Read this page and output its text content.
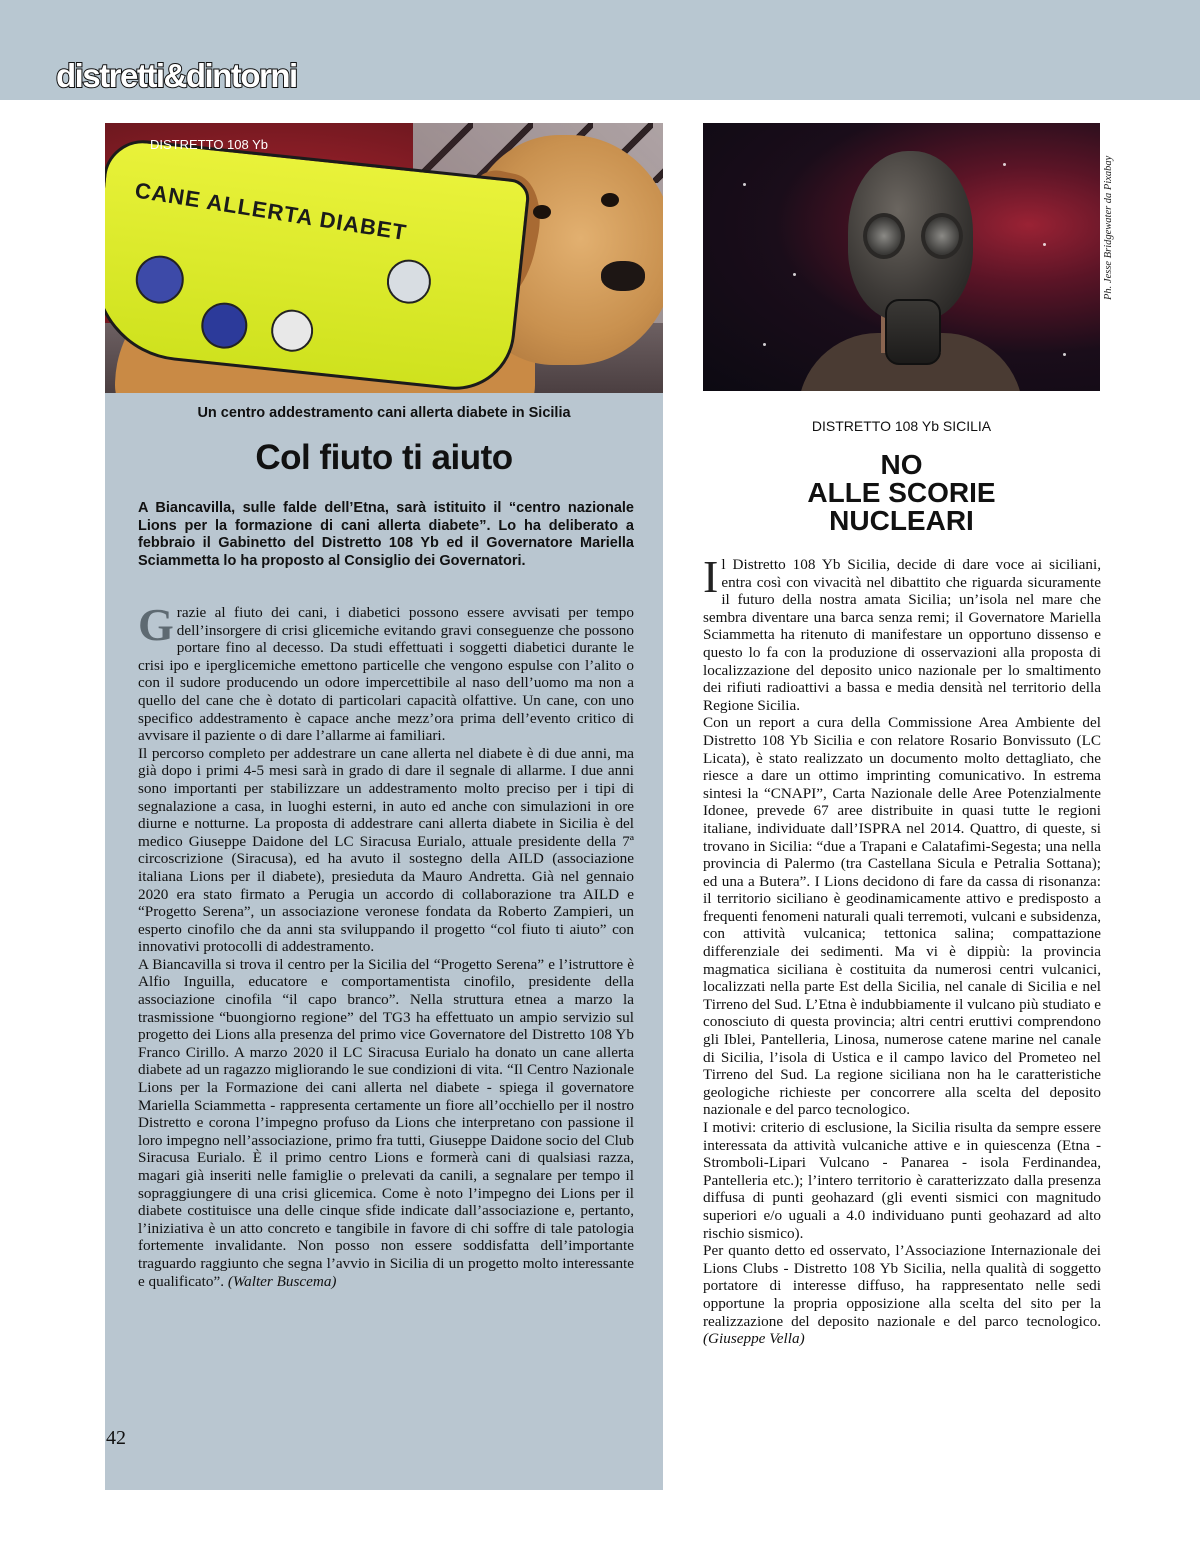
distretti&dintorni
CANE ALLERTA DIABET
DISTRETTO 108 Yb
Un centro addestramento cani allerta diabete in Sicilia
Col fiuto ti aiuto
A Biancavilla, sulle falde dell’Etna, sarà istituito il “centro nazionale Lions per la formazione di cani allerta diabete”. Lo ha deliberato a febbraio il Gabinetto del Distretto 108 Yb ed il Governatore Mariella Sciammetta lo ha proposto al Consiglio dei Governatori.

Grazie al fiuto dei cani, i diabetici possono essere avvisati per tempo dell’insorgere di crisi glicemiche evitando gravi conseguenze che possono portare fino al decesso. Da studi effettuati i soggetti diabetici durante le crisi ipo e iperglicemiche emettono particelle che vengono espulse con l’alito o con il sudore producendo un odore impercettibile al naso dell’uomo ma non a quello del cane che è dotato di particolari capacità olfattive. Un cane, con uno specifico addestramento è capace anche mezz’ora prima dell’evento critico di avvisare il paziente o di dare l’allarme ai familiari.

Il percorso completo per addestrare un cane allerta nel diabete è di due anni, ma già dopo i primi 4-5 mesi sarà in grado di dare il segnale di allarme. I due anni sono importanti per stabilizzare un addestramento molto preciso per i tipi di segnalazione a casa, in luoghi esterni, in auto ed anche con simulazioni in ore diurne e notturne. La proposta di addestrare cani allerta diabete in Sicilia è del medico Giuseppe Daidone del LC Siracusa Eurialo, attuale presidente della 7ª circoscrizione (Siracusa), ed ha avuto il sostegno della AILD (associazione italiana Lions per il diabete), presieduta da Mauro Andretta. Già nel gennaio 2020 era stato firmato a Perugia un accordo di collaborazione tra AILD e “Progetto Serena”, un associazione veronese fondata da Roberto Zampieri, un esperto cinofilo che da anni sta sviluppando il progetto “col fiuto ti aiuto” con innovativi protocolli di addestramento.

A Biancavilla si trova il centro per la Sicilia del “Progetto Serena” e l’istruttore è Alfio Inguilla, educatore e comportamentista cinofilo, presidente della associazione cinofila “il capo branco”. Nella struttura etnea a marzo la trasmissione “buongiorno regione” del TG3 ha effettuato un ampio servizio sul progetto dei Lions alla presenza del primo vice Governatore del Distretto 108 Yb Franco Cirillo. A marzo 2020 il LC Siracusa Eurialo ha donato un cane allerta diabete ad un ragazzo migliorando le sue condizioni di vita. “Il Centro Nazionale Lions per la Formazione dei cani allerta nel diabete - spiega il governatore Mariella Sciammetta - rappresenta certamente un fiore all’occhiello per il nostro Distretto e corona l’impegno profuso da Lions che interpretano con passione il loro impegno nell’associazione, primo fra tutti, Giuseppe Daidone socio del Club Siracusa Eurialo. È il primo centro Lions e formerà cani di qualsiasi razza, magari già inseriti nelle famiglie o prelevati da canili, a segnalare per tempo il sopraggiungere di una crisi glicemica. Come è noto l’impegno dei Lions per il diabete costituisce una delle cinque sfide indicate dall’associazione e, pertanto, l’iniziativa è un atto concreto e tangibile in favore di chi soffre di tale patologia fortemente invalidante. Non posso non essere soddisfatta dell’importante traguardo raggiunto che segna l’avvio in Sicilia di un progetto molto interessante e qualificato”. (Walter Buscema)

Ph. Jesse Bridgewater da Pixabay
DISTRETTO 108 Yb SICILIA
NO
ALLE SCORIE
NUCLEARI

Il Distretto 108 Yb Sicilia, decide di dare voce ai siciliani, entra così con vivacità nel dibattito che riguarda sicuramente il futuro della nostra amata Sicilia; un’isola nel mare che sembra diventare una barca senza remi; il Governatore Mariella Sciammetta ha ritenuto di manifestare un opportuno dissenso e questo lo fa con la produzione di osservazioni alla proposta di localizzazione del deposito unico nazionale per lo smaltimento dei rifiuti radioattivi a bassa e media densità nel territorio della Regione Sicilia.

Con un report a cura della Commissione Area Ambiente del Distretto 108 Yb Sicilia e con relatore Rosario Bonvissuto (LC Licata), è stato realizzato un documento molto dettagliato, che riesce a dare un ottimo imprinting comunicativo. In estrema sintesi la “CNAPI”, Carta Nazionale delle Aree Potenzialmente Idonee, prevede 67 aree distribuite in quasi tutte le regioni italiane, individuate dall’ISPRA nel 2014. Quattro, di queste, si trovano in Sicilia: “due a Trapani e Calatafimi-Segesta; una nella provincia di Palermo (tra Castellana Sicula e Petralia Sottana); ed una a Butera”. I Lions decidono di fare da cassa di risonanza: il territorio siciliano è geodinamicamente attivo e predisposto a frequenti fenomeni naturali quali terremoti, vulcani e subsidenza, con attività vulcanica; tettonica salina; compattazione differenziale dei sedimenti. Ma vi è dippiù: la provincia magmatica siciliana è costituita da numerosi centri vulcanici, localizzati nella parte Est della Sicilia, nel canale di Sicilia e nel Tirreno del Sud. L’Etna è indubbiamente il vulcano più studiato e conosciuto di questa provincia; altri centri eruttivi comprendono gli Iblei, Pantelleria, Linosa, numerose catene marine nel canale di Sicilia, l’isola di Ustica e il campo lavico del Prometeo nel Tirreno del Sud. La regione siciliana non ha le caratteristiche geologiche richieste per concorrere alla scelta del deposito nazionale e del parco tecnologico.

I motivi: criterio di esclusione, la Sicilia risulta da sempre essere interessata da attività vulcaniche attive e in quiescenza (Etna - Stromboli-Lipari Vulcano - Panarea - isola Ferdinandea, Pantelleria etc.); l’intero territorio è caratterizzato dalla presenza diffusa di punti geohazard (gli eventi sismici con magnitudo superiori e/o uguali a 4.0 individuano punti geohazard ad alto rischio sismico).

Per quanto detto ed osservato, l’Associazione Internazionale dei Lions Clubs - Distretto 108 Yb Sicilia, nella qualità di soggetto portatore di interesse diffuso, ha rappresentato nelle sedi opportune la propria opposizione alla scelta del sito per la realizzazione del deposito nazionale e del parco tecnologico. (Giuseppe Vella)

42
